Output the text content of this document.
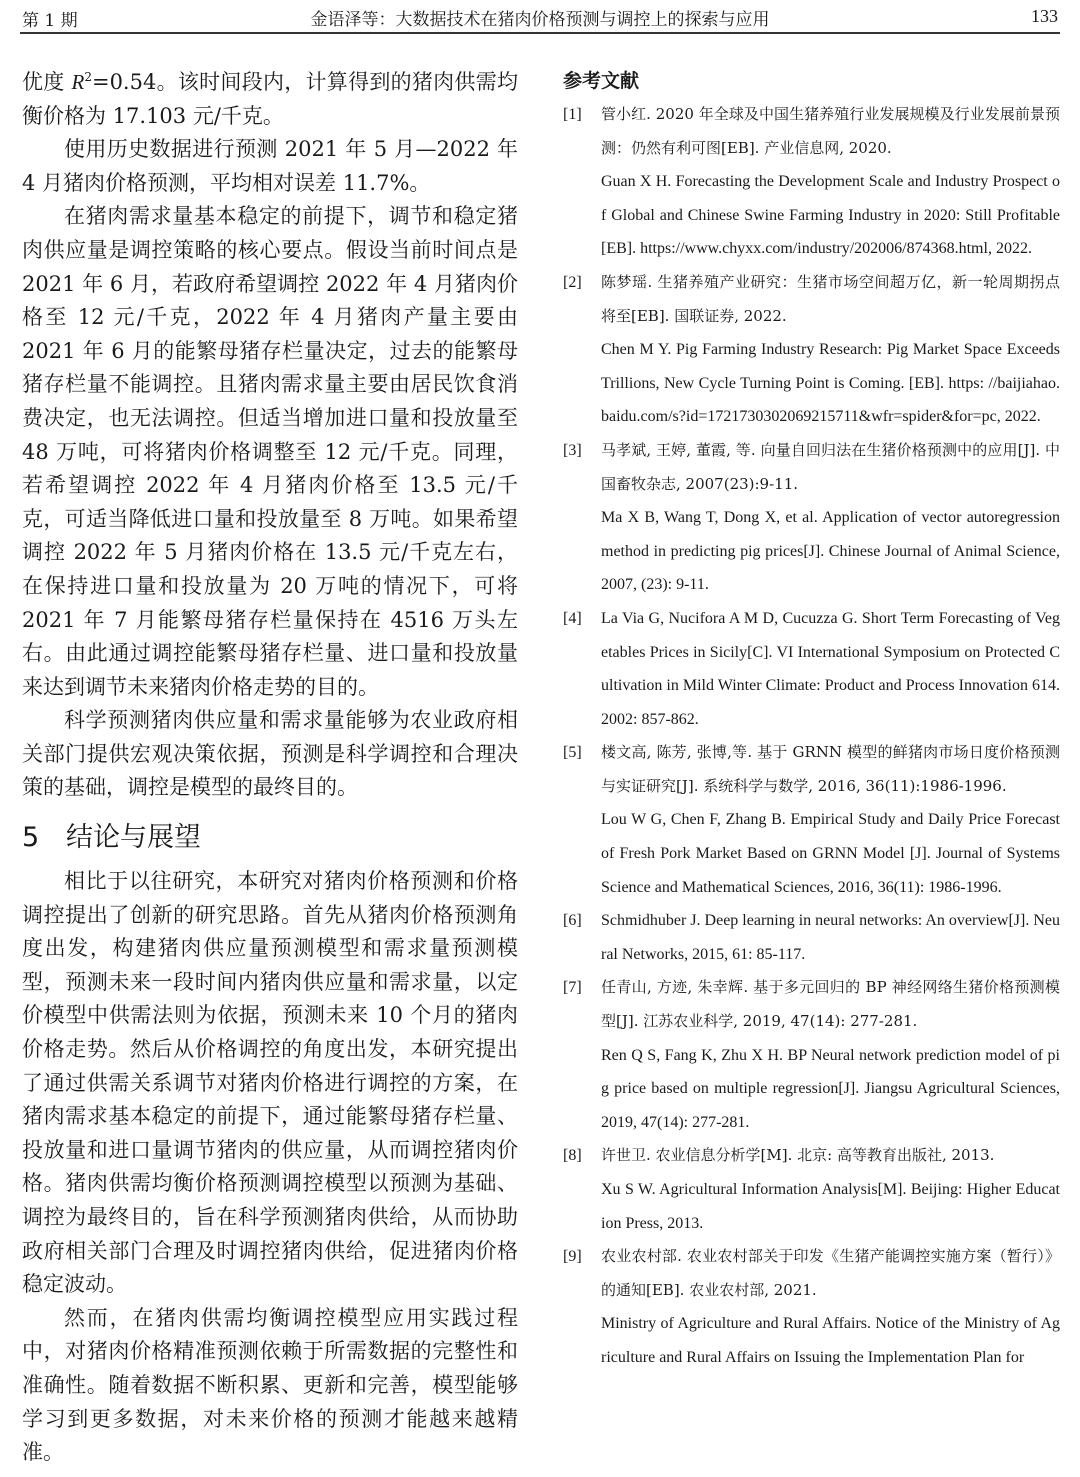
第 1 期	金语泽等：大数据技术在猪肉价格预测与调控上的探索与应用	133

优度 $R^2=0.54$。该时间段内，计算得到的猪肉供需均衡价格为 17.103 元/千克。

使用历史数据进行预测 2021 年 5 月—2022 年 4 月猪肉价格预测，平均相对误差 11.7%。

在猪肉需求量基本稳定的前提下，调节和稳定猪肉供应量是调控策略的核心要点。假设当前时间点是 2021 年 6 月，若政府希望调控 2022 年 4 月猪肉价格至 12 元/千克，2022 年 4 月猪肉产量主要由 2021 年 6 月的能繁母猪存栏量决定，过去的能繁母猪存栏量不能调控。且猪肉需求量主要由居民饮食消费决定，也无法调控。但适当增加进口量和投放量至 48 万吨，可将猪肉价格调整至 12 元/千克。同理，若希望调控 2022 年 4 月猪肉价格至 13.5 元/千克，可适当降低进口量和投放量至 8 万吨。如果希望调控 2022 年 5 月猪肉价格在 13.5 元/千克左右，在保持进口量和投放量为 20 万吨的情况下，可将 2021 年 7 月能繁母猪存栏量保持在 4516 万头左右。由此通过调控能繁母猪存栏量、进口量和投放量来达到调节未来猪肉价格走势的目的。

科学预测猪肉供应量和需求量能够为农业政府相关部门提供宏观决策依据，预测是科学调控和合理决策的基础，调控是模型的最终目的。

5 结论与展望

相比于以往研究，本研究对猪肉价格预测和价格调控提出了创新的研究思路。首先从猪肉价格预测角度出发，构建猪肉供应量预测模型和需求量预测模型，预测未来一段时间内猪肉供应量和需求量，以定价模型中供需法则为依据，预测未来 10 个月的猪肉价格走势。然后从价格调控的角度出发，本研究提出了通过供需关系调节对猪肉价格进行调控的方案，在猪肉需求基本稳定的前提下，通过能繁母猪存栏量、投放量和进口量调节猪肉的供应量，从而调控猪肉价格。猪肉供需均衡价格预测调控模型以预测为基础、调控为最终目的，旨在科学预测猪肉供给，从而协助政府相关部门合理及时调控猪肉供给，促进猪肉价格稳定波动。

然而，在猪肉供需均衡调控模型应用实践过程中，对猪肉价格精准预测依赖于所需数据的完整性和准确性。随着数据不断积累、更新和完善，模型能够学习到更多数据，对未来价格的预测才能越来越精准。

参考文献
[1]	管小红. 2020 年全球及中国生猪养殖行业发展规模及行业发展前景预测：仍然有利可图[EB]. 产业信息网, 2020.
Guan X H. Forecasting the Development Scale and Industry Prospect of Global and Chinese Swine Farming Industry in 2020: Still Profitable [EB]. https://www.chyxx.com/industry/202006/874368.html, 2022.
[2]	陈梦瑶. 生猪养殖产业研究：生猪市场空间超万亿，新一轮周期拐点将至[EB]. 国联证券, 2022.
Chen M Y. Pig Farming Industry Research: Pig Market Space Exceeds Trillions, New Cycle Turning Point is Coming. [EB]. https: //baijiahao.baidu.com/s?id=1721730302069215711&wfr=spider&for=pc, 2022.
[3]	马孝斌, 王婷, 董霞, 等. 向量自回归法在生猪价格预测中的应用[J]. 中国畜牧杂志, 2007(23):9-11.
Ma X B, Wang T, Dong X, et al. Application of vector autoregression method in predicting pig prices[J]. Chinese Journal of Animal Science, 2007, (23): 9-11.
[4]	La Via G, Nucifora A M D, Cucuzza G. Short Term Forecasting of Vegetables Prices in Sicily[C]. VI International Symposium on Protected Cultivation in Mild Winter Climate: Product and Process Innovation 614. 2002: 857-862.
[5]	楼文高, 陈芳, 张博,等. 基于 GRNN 模型的鲜猪肉市场日度价格预测与实证研究[J]. 系统科学与数学, 2016, 36(11):1986-1996.
Lou W G, Chen F, Zhang B. Empirical Study and Daily Price Forecast of Fresh Pork Market Based on GRNN Model [J]. Journal of Systems Science and Mathematical Sciences, 2016, 36(11): 1986-1996.
[6]	Schmidhuber J. Deep learning in neural networks: An overview[J]. Neural Networks, 2015, 61: 85-117.
[7]	任青山, 方迹, 朱幸辉. 基于多元回归的 BP 神经网络生猪价格预测模型[J]. 江苏农业科学, 2019, 47(14): 277-281.
Ren Q S, Fang K, Zhu X H. BP Neural network prediction model of pig price based on multiple regression[J]. Jiangsu Agricultural Sciences, 2019, 47(14): 277-281.
[8]	许世卫. 农业信息分析学[M]. 北京: 高等教育出版社, 2013.
Xu S W. Agricultural Information Analysis[M]. Beijing: Higher Education Press, 2013.
[9]	农业农村部. 农业农村部关于印发《生猪产能调控实施方案（暂行）》的通知[EB]. 农业农村部, 2021.
Ministry of Agriculture and Rural Affairs. Notice of the Ministry of Agriculture and Rural Affairs on Issuing the Implementation Plan for
